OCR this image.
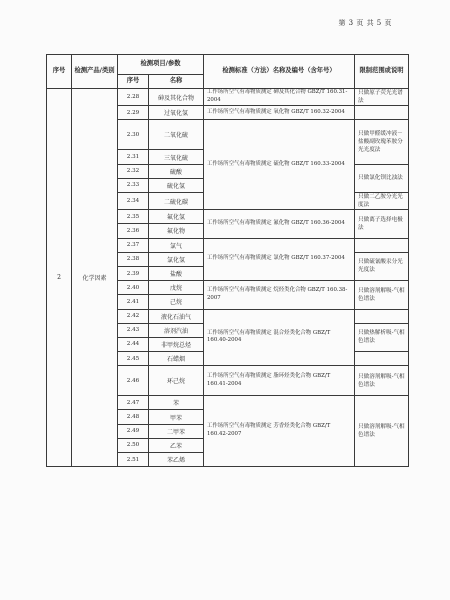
第 3 页 共 5 页
序号	检测产品/类别	检测项目/参数		检测标准（方法）名称及编号（含年号）	限制范围或说明
		序号	名称		
2	化学因素	2.28	砷及其化合物	工作场所空气有毒物质测定 砷及其化合物 GBZ/T 160.31-2004	只做原子荧光光谱法
		2.29	过氧化氢	工作场所空气有毒物质测定 氧化物 GBZ/T 160.32-2004	
		2.30	二氧化硫	工作场所空气有毒物质测定 硫化物 GBZ/T 160.33-2004	只做甲醛缓冲液－盐酸副玫瑰苯胺分光光度法
		2.31	三氧化硫		
		2.32	硫酸		只做氯化钡比浊法
		2.33	硫化氢		
		2.34	二硫化碳		只做二乙胺分光光度法
		2.35	氟化氢	工作场所空气有毒物质测定 氟化物 GBZ/T 160.36-2004	只做离子选择电极法
		2.36	氟化物		
		2.37	氯气	工作场所空气有毒物质测定 氯化物 GBZ/T 160.37-2004	
		2.38	氯化氢		只做硫氰酸汞分光光度法
		2.39	盐酸		
		2.40	戊烷	工作场所空气有毒物质测定 烷烃类化合物 GBZ/T 160.38-2007	只做溶剂解吸-气相色谱法
		2.41	己烷		
		2.42	液化石油气	工作场所空气有毒物质测定 混合烃类化合物 GBZ/T 160.40-2004	
		2.43	溶剂汽油		只做热解析吸-气相色谱法
		2.44	非甲烷总烃		
		2.45	石蜡烟		
		2.46	环己烷	工作场所空气有毒物质测定 脂环烃类化合物 GBZ/T 160.41-2004	只做溶剂解吸-气相色谱法
		2.47	苯	工作场所空气有毒物质测定 芳香烃类化合物 GBZ/T 160.42-2007	只做溶剂解吸-气相色谱法
		2.48	甲苯		
		2.49	二甲苯		
		2.50	乙苯		
		2.51	苯乙烯		
